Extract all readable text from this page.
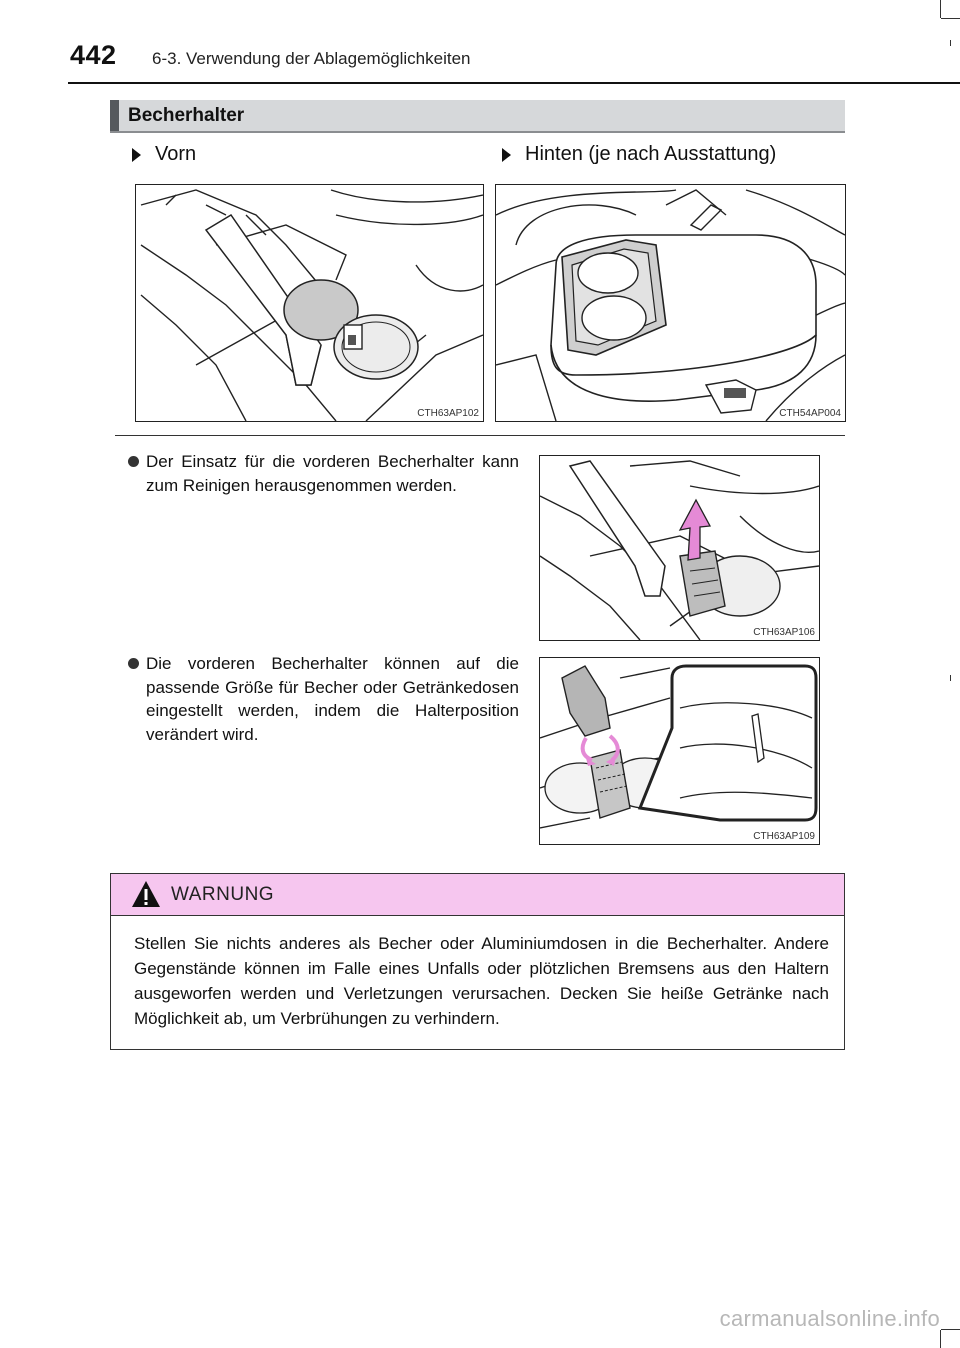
442 6-3. Verwendung der Ablagemöglichkeiten
Becherhalter
Vorn	Hinten (je nach Ausstattung)
CTH63AP102	CTH54AP004
Der Einsatz für die vorderen Becherhalter kann zum Reinigen herausgenommen werden.
Die vorderen Becherhalter können auf die passende Größe für Becher oder Getränkedosen eingestellt werden, indem die Halterposition verändert wird.
CTH63AP106
CTH63AP109
WARNUNG
Stellen Sie nichts anderes als Becher oder Aluminiumdosen in die Becherhalter. Andere Gegenstände können im Falle eines Unfalls oder plötzlichen Bremsens aus den Haltern ausgeworfen werden und Verletzungen verursachen. Decken Sie heiße Getränke nach Möglichkeit ab, um Verbrühungen zu verhindern.
carmanualsonline.info
